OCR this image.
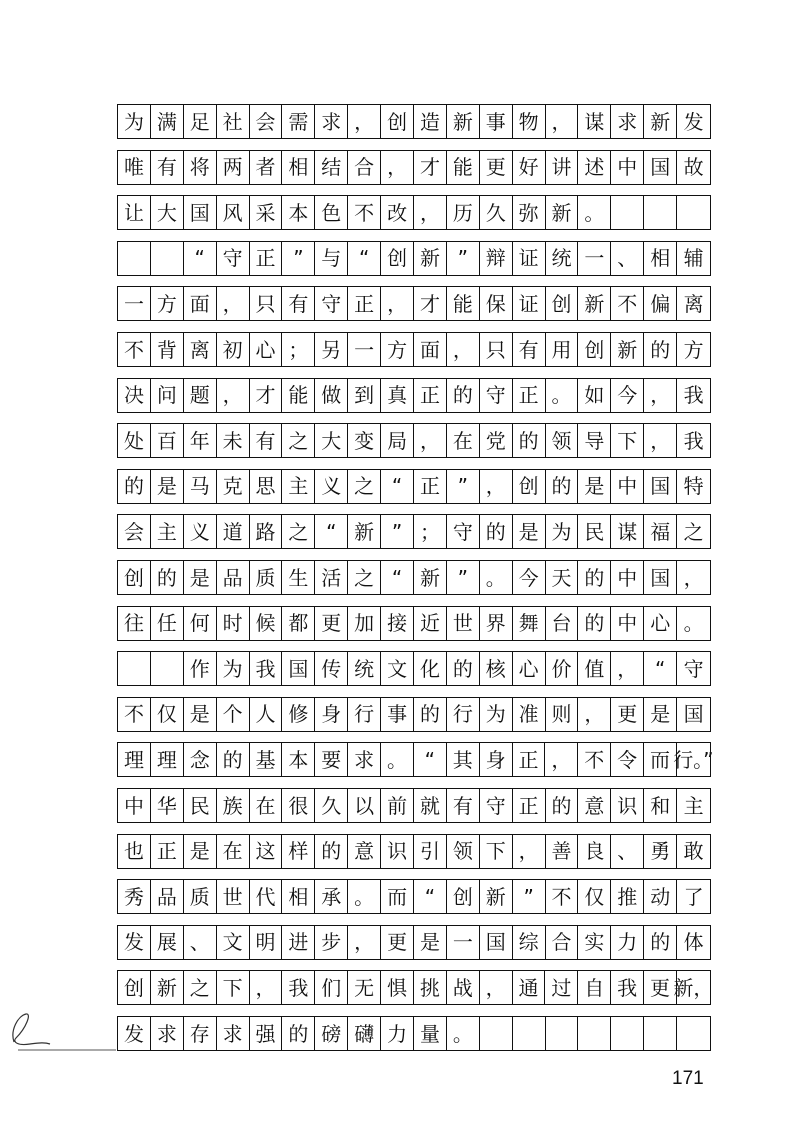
为 满 足 社 会 需 求 ， 创 造 新 事 物 ， 谋 求 新 发
唯 有 将 两 者 相 结 合 ， 才 能 更 好 讲 述 中 国 故
让 大 国 风 采 本 色 不 改 ， 历 久 弥 新 。
“ 守 正 ” 与 “ 创 新 ” 辩 证 统 一 、 相 辅
一 方 面 ， 只 有 守 正 ， 才 能 保 证 创 新 不 偏 离
不 背 离 初 心 ； 另 一 方 面 ， 只 有 用 创 新 的 方
决 问 题 ， 才 能 做 到 真 正 的 守 正 。 如 今 ， 我
处 百 年 未 有 之 大 变 局 ， 在 党 的 领 导 下 ， 我
的 是 马 克 思 主 义 之 “ 正 ” ， 创 的 是 中 国 特
会 主 义 道 路 之 “ 新 ” ； 守 的 是 为 民 谋 福 之
创 的 是 品 质 生 活 之 “ 新 ” 。 今 天 的 中 国 ，
往 任 何 时 候 都 更 加 接 近 世 界 舞 台 的 中 心 。
作 为 我 国 传 统 文 化 的 核 心 价 值 ， “ 守
不 仅 是 个 人 修 身 行 事 的 行 为 准 则 ， 更 是 国
理 理 念 的 基 本 要 求 。 “ 其 身 正 ， 不 令 而 行。”
中 华 民 族 在 很 久 以 前 就 有 守 正 的 意 识 和 主
也 正 是 在 这 样 的 意 识 引 领 下 ， 善 良 、 勇 敢
秀 品 质 世 代 相 承 。 而 “ 创 新 ” 不 仅 推 动 了
发 展 、 文 明 进 步 ， 更 是 一 国 综 合 实 力 的 体
创 新 之 下 ， 我 们 无 惧 挑 战 ， 通 过 自 我 更 新，
发 求 存 求 强 的 磅 礴 力 量 。
171
